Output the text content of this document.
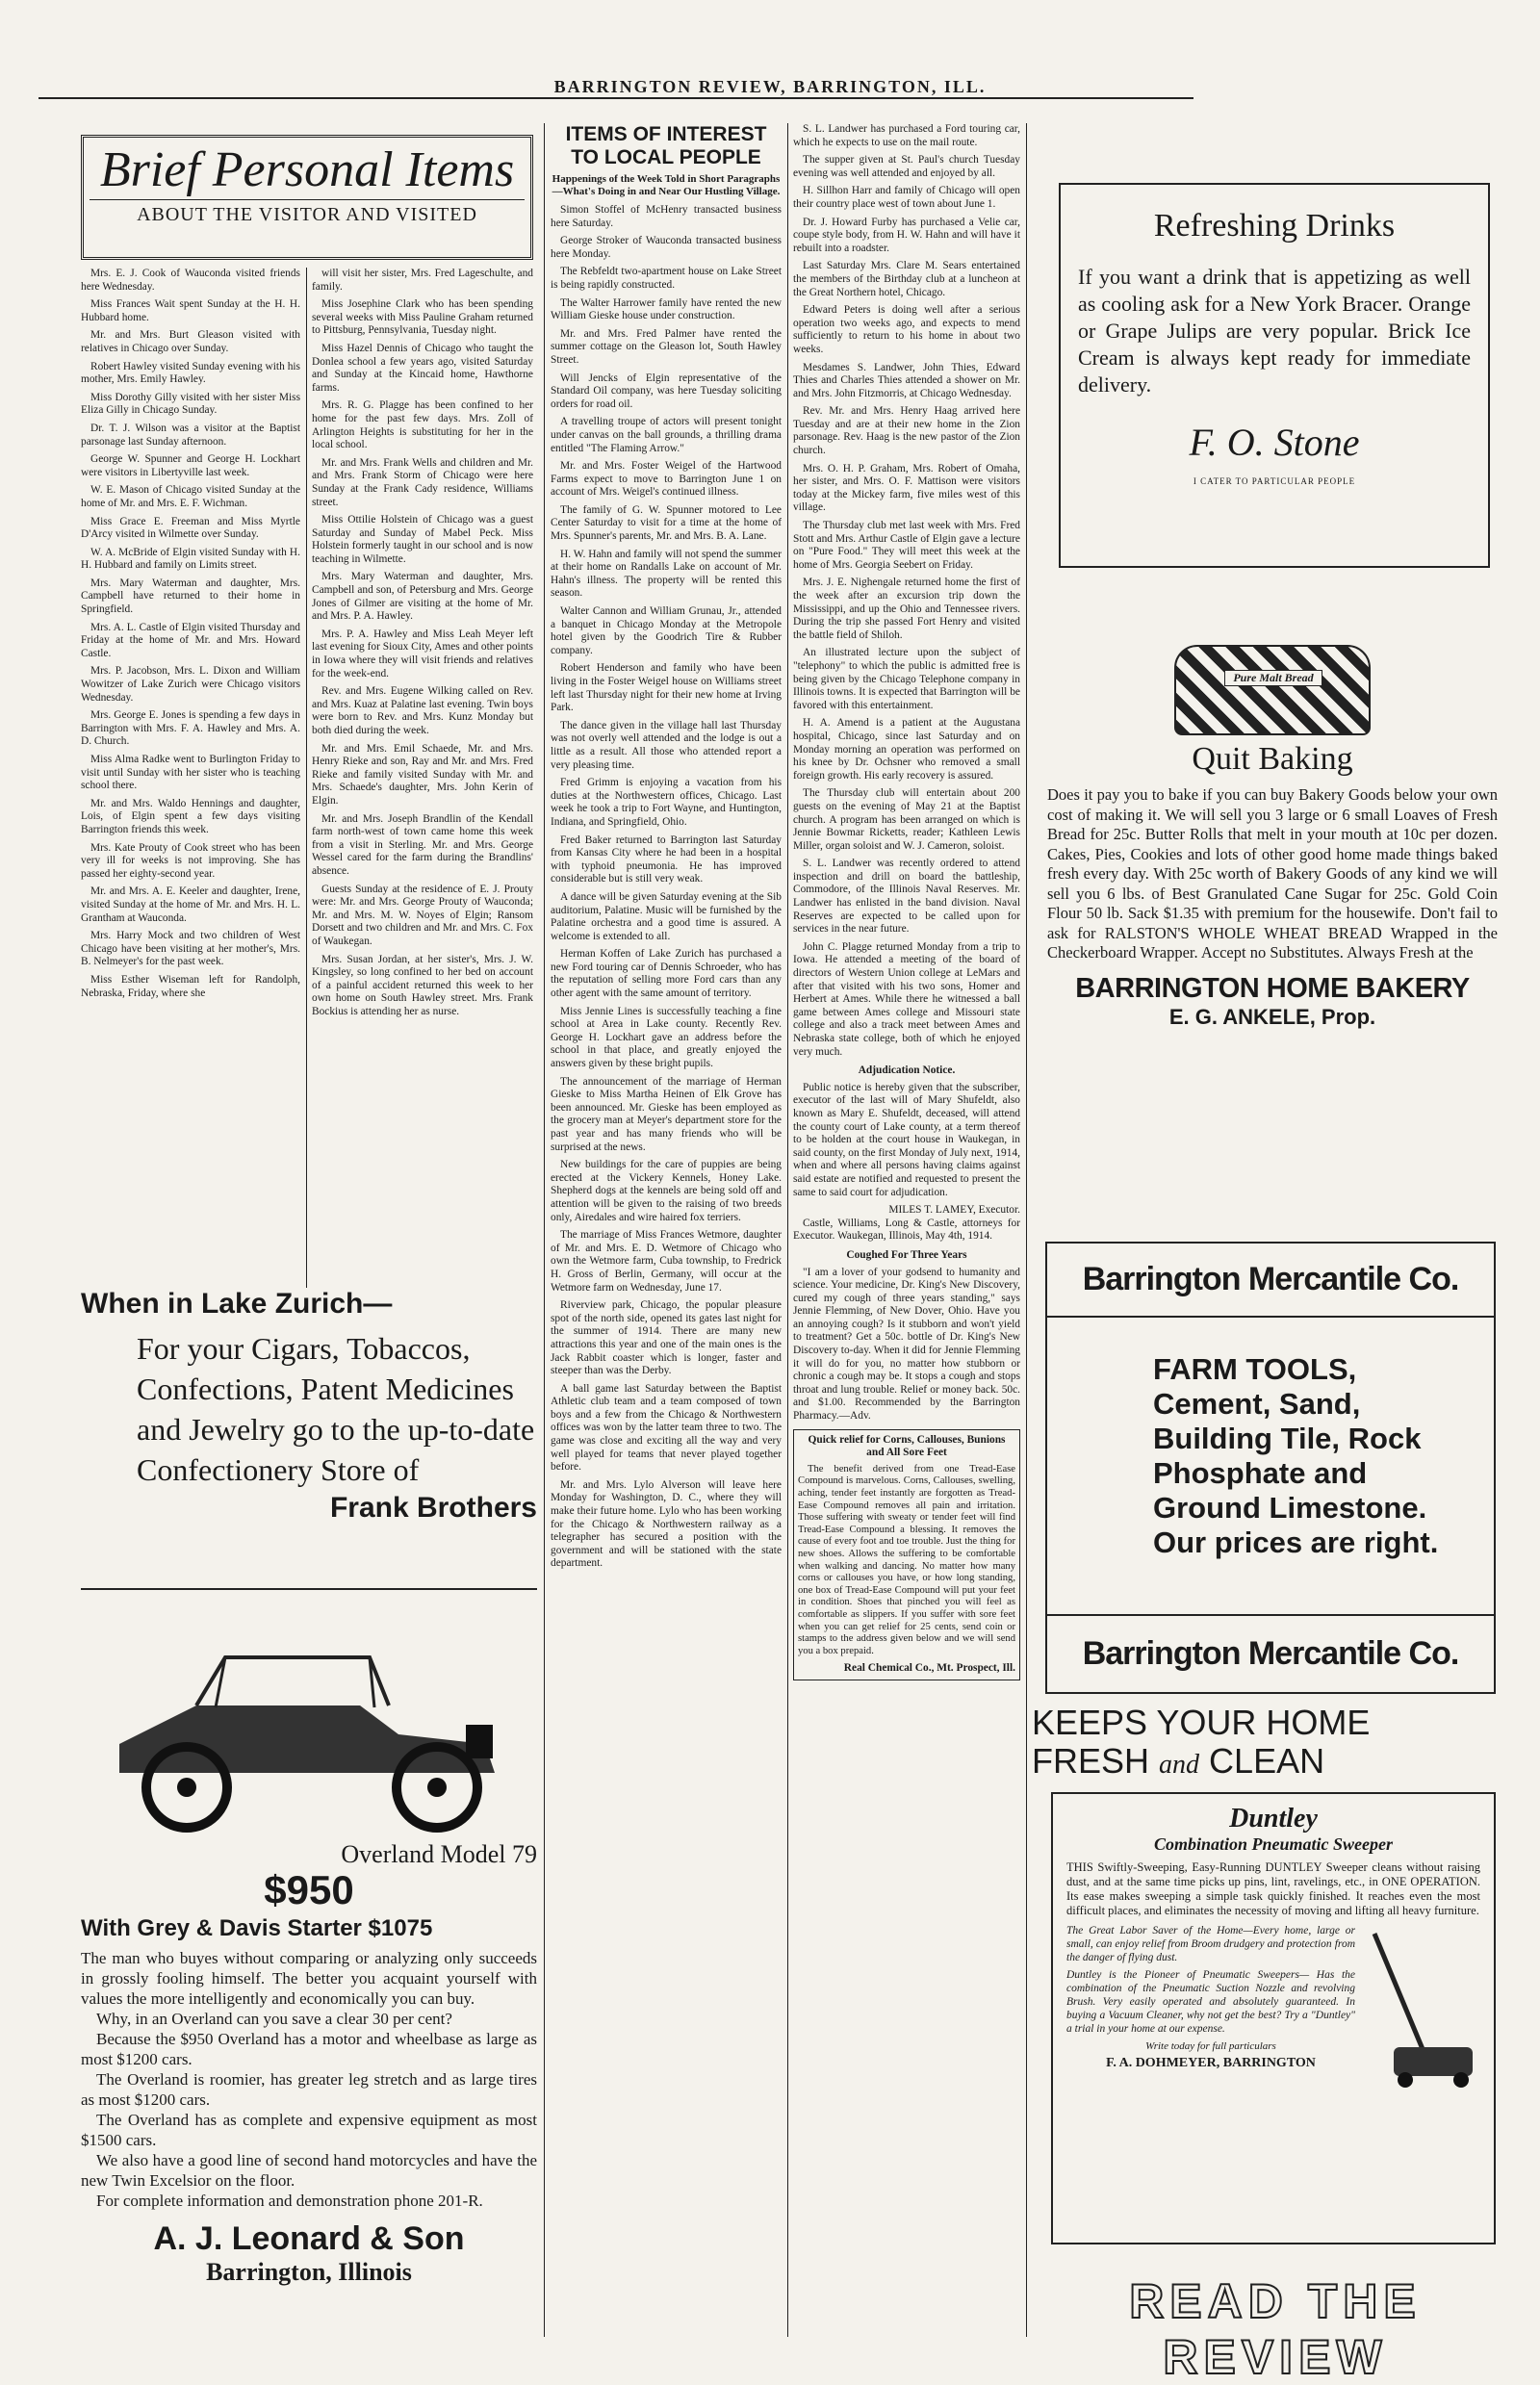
BARRINGTON REVIEW, BARRINGTON, ILL.
Brief Personal Items
ABOUT THE VISITOR AND VISITED

Mrs. E. J. Cook of Wauconda visited friends here Wednesday.

Miss Frances Wait spent Sunday at the H. H. Hubbard home.

Mr. and Mrs. Burt Gleason visited with relatives in Chicago over Sunday.

Robert Hawley visited Sunday evening with his mother, Mrs. Emily Hawley.

Miss Dorothy Gilly visited with her sister Miss Eliza Gilly in Chicago Sunday.

Dr. T. J. Wilson was a visitor at the Baptist parsonage last Sunday afternoon.

George W. Spunner and George H. Lockhart were visitors in Libertyville last week.

W. E. Mason of Chicago visited Sunday at the home of Mr. and Mrs. E. F. Wichman.

Miss Grace E. Freeman and Miss Myrtle D'Arcy visited in Wilmette over Sunday.

W. A. McBride of Elgin visited Sunday with H. H. Hubbard and family on Limits street.

Mrs. Mary Waterman and daughter, Mrs. Campbell have returned to their home in Springfield.

Mrs. A. L. Castle of Elgin visited Thursday and Friday at the home of Mr. and Mrs. Howard Castle.

Mrs. P. Jacobson, Mrs. L. Dixon and William Wowitzer of Lake Zurich were Chicago visitors Wednesday.

Mrs. George E. Jones is spending a few days in Barrington with Mrs. F. A. Hawley and Mrs. A. D. Church.

Miss Alma Radke went to Burlington Friday to visit until Sunday with her sister who is teaching school there.

Mr. and Mrs. Waldo Hennings and daughter, Lois, of Elgin spent a few days visiting Barrington friends this week.

Mrs. Kate Prouty of Cook street who has been very ill for weeks is not improving. She has passed her eighty-second year.

Mr. and Mrs. A. E. Keeler and daughter, Irene, visited Sunday at the home of Mr. and Mrs. H. L. Grantham at Wauconda.

Mrs. Harry Mock and two children of West Chicago have been visiting at her mother's, Mrs. B. Nelmeyer's for the past week.

Miss Esther Wiseman left for Randolph, Nebraska, Friday, where she

will visit her sister, Mrs. Fred Lageschulte, and family.

Miss Josephine Clark who has been spending several weeks with Miss Pauline Graham returned to Pittsburg, Pennsylvania, Tuesday night.

Miss Hazel Dennis of Chicago who taught the Donlea school a few years ago, visited Saturday and Sunday at the Kincaid home, Hawthorne farms.

Mrs. R. G. Plagge has been confined to her home for the past few days. Mrs. Zoll of Arlington Heights is substituting for her in the local school.

Mr. and Mrs. Frank Wells and children and Mr. and Mrs. Frank Storm of Chicago were here Sunday at the Frank Cady residence, Williams street.

Miss Ottilie Holstein of Chicago was a guest Saturday and Sunday of Mabel Peck. Miss Holstein formerly taught in our school and is now teaching in Wilmette.

Mrs. Mary Waterman and daughter, Mrs. Campbell and son, of Petersburg and Mrs. George Jones of Gilmer are visiting at the home of Mr. and Mrs. P. A. Hawley.

Mrs. P. A. Hawley and Miss Leah Meyer left last evening for Sioux City, Ames and other points in Iowa where they will visit friends and relatives for the week-end.

Rev. and Mrs. Eugene Wilking called on Rev. and Mrs. Kuaz at Palatine last evening. Twin boys were born to Rev. and Mrs. Kunz Monday but both died during the week.

Mr. and Mrs. Emil Schaede, Mr. and Mrs. Henry Rieke and son, Ray and Mr. and Mrs. Fred Rieke and family visited Sunday with Mr. and Mrs. Schaede's daughter, Mrs. John Kerin of Elgin.

Mr. and Mrs. Joseph Brandlin of the Kendall farm north-west of town came home this week from a visit in Sterling. Mr. and Mrs. George Wessel cared for the farm during the Brandlins' absence.

Guests Sunday at the residence of E. J. Prouty were: Mr. and Mrs. George Prouty of Wauconda; Mr. and Mrs. M. W. Noyes of Elgin; Ransom Dorsett and two children and Mr. and Mrs. C. Fox of Waukegan.

Mrs. Susan Jordan, at her sister's, Mrs. J. W. Kingsley, so long confined to her bed on account of a painful accident returned this week to her own home on South Hawley street. Mrs. Frank Bockius is attending her as nurse.

When in Lake Zurich—
For your Cigars, Tobaccos, Confections, Patent Medicines and Jewelry go to the up-to-date Confectionery Store of
Frank Brothers
Overland Model 79
$950
With Grey & Davis Starter $1075

The man who buyes without comparing or analyzing only succeeds in grossly fooling himself. The better you acquaint yourself with values the more intelligently and economically you can buy.

Why, in an Overland can you save a clear 30 per cent?

Because the $950 Overland has a motor and wheelbase as large as most $1200 cars.

The Overland is roomier, has greater leg stretch and as large tires as most $1200 cars.

The Overland has as complete and expensive equipment as most $1500 cars.

We also have a good line of second hand motorcycles and have the new Twin Excelsior on the floor.

For complete information and demonstration phone 201-R.

A. J. Leonard & Son
Barrington, Illinois
ITEMS OF INTEREST TO LOCAL PEOPLE
Happenings of the Week Told in Short Paragraphs—What's Doing in and Near Our Hustling Village.

Simon Stoffel of McHenry transacted business here Saturday.

George Stroker of Wauconda transacted business here Monday.

The Rebfeldt two-apartment house on Lake Street is being rapidly constructed.

The Walter Harrower family have rented the new William Gieske house under construction.

Mr. and Mrs. Fred Palmer have rented the summer cottage on the Gleason lot, South Hawley Street.

Will Jencks of Elgin representative of the Standard Oil company, was here Tuesday soliciting orders for road oil.

A travelling troupe of actors will present tonight under canvas on the ball grounds, a thrilling drama entitled "The Flaming Arrow."

Mr. and Mrs. Foster Weigel of the Hartwood Farms expect to move to Barrington June 1 on account of Mrs. Weigel's continued illness.

The family of G. W. Spunner motored to Lee Center Saturday to visit for a time at the home of Mrs. Spunner's parents, Mr. and Mrs. B. A. Lane.

H. W. Hahn and family will not spend the summer at their home on Randalls Lake on account of Mr. Hahn's illness. The property will be rented this season.

Walter Cannon and William Grunau, Jr., attended a banquet in Chicago Monday at the Metropole hotel given by the Goodrich Tire & Rubber company.

Robert Henderson and family who have been living in the Foster Weigel house on Williams street left last Thursday night for their new home at Irving Park.

The dance given in the village hall last Thursday was not overly well attended and the lodge is out a little as a result. All those who attended report a very pleasing time.

Fred Grimm is enjoying a vacation from his duties at the Northwestern offices, Chicago. Last week he took a trip to Fort Wayne, and Huntington, Indiana, and Springfield, Ohio.

Fred Baker returned to Barrington last Saturday from Kansas City where he had been in a hospital with typhoid pneumonia. He has improved considerable but is still very weak.

A dance will be given Saturday evening at the Sib auditorium, Palatine. Music will be furnished by the Palatine orchestra and a good time is assured. A welcome is extended to all.

Herman Koffen of Lake Zurich has purchased a new Ford touring car of Dennis Schroeder, who has the reputation of selling more Ford cars than any other agent with the same amount of territory.

Miss Jennie Lines is successfully teaching a fine school at Area in Lake county. Recently Rev. George H. Lockhart gave an address before the school in that place, and greatly enjoyed the answers given by these bright pupils.

The announcement of the marriage of Herman Gieske to Miss Martha Heinen of Elk Grove has been announced. Mr. Gieske has been employed as the grocery man at Meyer's department store for the past year and has many friends who will be surprised at the news.

New buildings for the care of puppies are being erected at the Vickery Kennels, Honey Lake. Shepherd dogs at the kennels are being sold off and attention will be given to the raising of two breeds only, Airedales and wire haired fox terriers.

The marriage of Miss Frances Wetmore, daughter of Mr. and Mrs. E. D. Wetmore of Chicago who own the Wetmore farm, Cuba township, to Fredrick H. Gross of Berlin, Germany, will occur at the Wetmore farm on Wednesday, June 17.

Riverview park, Chicago, the popular pleasure spot of the north side, opened its gates last night for the summer of 1914. There are many new attractions this year and one of the main ones is the Jack Rabbit coaster which is longer, faster and steeper than was the Derby.

A ball game last Saturday between the Baptist Athletic club team and a team composed of town boys and a few from the Chicago & Northwestern offices was won by the latter team three to two. The game was close and exciting all the way and very well played for teams that never played together before.

Mr. and Mrs. Lylo Alverson will leave here Monday for Washington, D. C., where they will make their future home. Lylo who has been working for the Chicago & Northwestern railway as a telegrapher has secured a position with the government and will be stationed with the state department.

S. L. Landwer has purchased a Ford touring car, which he expects to use on the mail route.

The supper given at St. Paul's church Tuesday evening was well attended and enjoyed by all.

H. Sillhon Harr and family of Chicago will open their country place west of town about June 1.

Dr. J. Howard Furby has purchased a Velie car, coupe style body, from H. W. Hahn and will have it rebuilt into a roadster.

Last Saturday Mrs. Clare M. Sears entertained the members of the Birthday club at a luncheon at the Great Northern hotel, Chicago.

Edward Peters is doing well after a serious operation two weeks ago, and expects to mend sufficiently to return to his home in about two weeks.

Mesdames S. Landwer, John Thies, Edward Thies and Charles Thies attended a shower on Mr. and Mrs. John Fitzmorris, at Chicago Wednesday.

Rev. Mr. and Mrs. Henry Haag arrived here Tuesday and are at their new home in the Zion parsonage. Rev. Haag is the new pastor of the Zion church.

Mrs. O. H. P. Graham, Mrs. Robert of Omaha, her sister, and Mrs. O. F. Mattison were visitors today at the Mickey farm, five miles west of this village.

The Thursday club met last week with Mrs. Fred Stott and Mrs. Arthur Castle of Elgin gave a lecture on "Pure Food." They will meet this week at the home of Mrs. Georgia Seebert on Friday.

Mrs. J. E. Nighengale returned home the first of the week after an excursion trip down the Mississippi, and up the Ohio and Tennessee rivers. During the trip she passed Fort Henry and visited the battle field of Shiloh.

An illustrated lecture upon the subject of "telephony" to which the public is admitted free is being given by the Chicago Telephone company in Illinois towns. It is expected that Barrington will be favored with this entertainment.

H. A. Amend is a patient at the Augustana hospital, Chicago, since last Saturday and on Monday morning an operation was performed on his knee by Dr. Ochsner who removed a small foreign growth. His early recovery is assured.

The Thursday club will entertain about 200 guests on the evening of May 21 at the Baptist church. A program has been arranged on which is Jennie Bowmar Ricketts, reader; Kathleen Lewis Miller, organ soloist and W. J. Cameron, soloist.

S. L. Landwer was recently ordered to attend inspection and drill on board the battleship, Commodore, of the Illinois Naval Reserves. Mr. Landwer has enlisted in the band division. Naval Reserves are expected to be called upon for services in the near future.

John C. Plagge returned Monday from a trip to Iowa. He attended a meeting of the board of directors of Western Union college at LeMars and after that visited with his two sons, Homer and Herbert at Ames. While there he witnessed a ball game between Ames college and Missouri state college and also a track meet between Ames and Nebraska state college, both of which he enjoyed very much.

Adjudication Notice.

Public notice is hereby given that the subscriber, executor of the last will of Mary Shufeldt, also known as Mary E. Shufeldt, deceased, will attend the county court of Lake county, at a term thereof to be holden at the court house in Waukegan, in said county, on the first Monday of July next, 1914, when and where all persons having claims against said estate are notified and requested to present the same to said court for adjudication.

MILES T. LAMEY, Executor.

Castle, Williams, Long & Castle, attorneys for Executor. Waukegan, Illinois, May 4th, 1914.

Coughed For Three Years

"I am a lover of your godsend to humanity and science. Your medicine, Dr. King's New Discovery, cured my cough of three years standing," says Jennie Flemming, of New Dover, Ohio. Have you an annoying cough? Is it stubborn and won't yield to treatment? Get a 50c. bottle of Dr. King's New Discovery to-day. When it did for Jennie Flemming it will do for you, no matter how stubborn or chronic a cough may be. It stops a cough and stops throat and lung trouble. Relief or money back. 50c. and $1.00. Recommended by the Barrington Pharmacy.—Adv.

Quick relief for Corns, Callouses, Bunions and All Sore Feet

The benefit derived from one Tread-Ease Compound is marvelous. Corns, Callouses, swelling, aching, tender feet instantly are forgotten as Tread-Ease Compound removes all pain and irritation. Those suffering with sweaty or tender feet will find Tread-Ease Compound a blessing. It removes the cause of every foot and toe trouble. Just the thing for new shoes. Allows the suffering to be comfortable when walking and dancing. No matter how many corns or callouses you have, or how long standing, one box of Tread-Ease Compound will put your feet in condition. Shoes that pinched you will feel as comfortable as slippers. If you suffer with sore feet when you can get relief for 25 cents, send coin or stamps to the address given below and we will send you a box prepaid.

Real Chemical Co., Mt. Prospect, Ill.
Refreshing Drinks
If you want a drink that is appetizing as well as cooling ask for a New York Bracer. Orange or Grape Julips are very popular. Brick Ice Cream is always kept ready for immediate delivery.
F. O. Stone
I CATER TO PARTICULAR PEOPLE
Pure Malt Bread
Quit Baking
Does it pay you to bake if you can buy Bakery Goods below your own cost of making it. We will sell you 3 large or 6 small Loaves of Fresh Bread for 25c. Butter Rolls that melt in your mouth at 10c per dozen. Cakes, Pies, Cookies and lots of other good home made things baked fresh every day. With 25c worth of Bakery Goods of any kind we will sell you 6 lbs. of Best Granulated Cane Sugar for 25c. Gold Coin Flour 50 lb. Sack $1.35 with premium for the housewife. Don't fail to ask for RALSTON'S WHOLE WHEAT BREAD Wrapped in the Checkerboard Wrapper. Accept no Substitutes. Always Fresh at the
BARRINGTON HOME BAKERY
E. G. ANKELE, Prop.
Barrington Mercantile Co.
FARM TOOLS, Cement, Sand, Building Tile, Rock Phosphate and Ground Limestone. Our prices are right.
Barrington Mercantile Co.
KEEPS YOUR HOME
FRESH and CLEAN
Duntley
Combination Pneumatic Sweeper
THIS Swiftly-Sweeping, Easy-Running DUNTLEY Sweeper cleans without raising dust, and at the same time picks up pins, lint, ravelings, etc., in ONE OPERATION. Its ease makes sweeping a simple task quickly finished. It reaches even the most difficult places, and eliminates the necessity of moving and lifting all heavy furniture.

The Great Labor Saver of the Home—Every home, large or small, can enjoy relief from Broom drudgery and protection from the danger of flying dust.

Duntley is the Pioneer of Pneumatic Sweepers— Has the combination of the Pneumatic Suction Nozzle and revolving Brush. Very easily operated and absolutely guaranteed. In buying a Vacuum Cleaner, why not get the best? Try a "Duntley" a trial in your home at our expense.

Write today for full particulars
F. A. DOHMEYER, BARRINGTON
READ THE REVIEW
